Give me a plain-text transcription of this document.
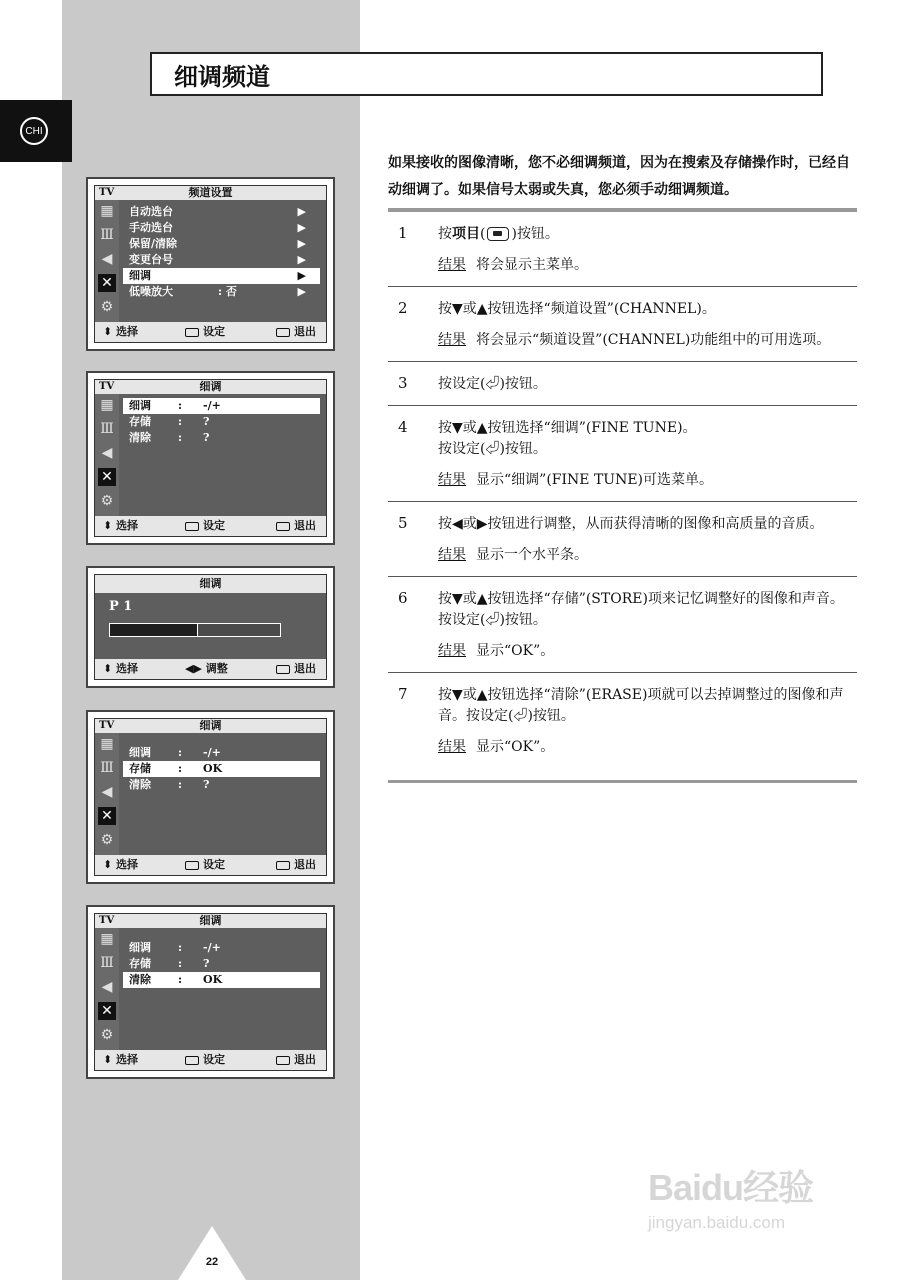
CHI
细调频道
如果接收的图像清晰，您不必细调频道，因为在搜索及存储操作时，已经自动细调了。如果信号太弱或失真，您必须手动细调频道。
1	按项目( )按钮。
结果 将会显示主菜单。
2	按▼或▲按钮选择“频道设置”(CHANNEL)。
结果 将会显示“频道设置”(CHANNEL)功能组中的可用选项。
3	按设定(⏎)按钮。
4	按▼或▲按钮选择“细调”(FINE TUNE)。
按设定(⏎)按钮。
结果 显示“细调”(FINE TUNE)可选菜单。
5	按◀或▶按钮进行调整，从而获得清晰的图像和高质量的音质。
结果 显示一个水平条。
6	按▼或▲按钮选择“存储”(STORE)项来记忆调整好的图像和声音。按设定(⏎)按钮。
结果 显示“OK”。
7	按▼或▲按钮选择“清除”(ERASE)项就可以去掉调整过的图像和声音。按设定(⏎)按钮。
结果 显示“OK”。
频道设置
TV
▦
Ⅲ
◀
✕
⚙
自动选台	▶
手动选台	▶
保留/清除	▶
变更台号	▶
细调	▶
低噪放大	: 否	▶
⬍ 选择	设定	退出
细调
TV
▦
Ⅲ
◀
✕
⚙
细调 : -/+
存储 : ?
清除 : ?
⬍ 选择	设定	退出
细调
P 1
⬍ 选择	◀▶ 调整	退出
细调
TV
▦
Ⅲ
◀
✕
⚙
细调 : -/+
存储 : OK
清除 : ?
⬍ 选择	设定	退出
细调
TV
▦
Ⅲ
◀
✕
⚙
细调 : -/+
存储 : ?
清除 : OK
⬍ 选择	设定	退出
22
Baidu经验
jingyan.baidu.com
